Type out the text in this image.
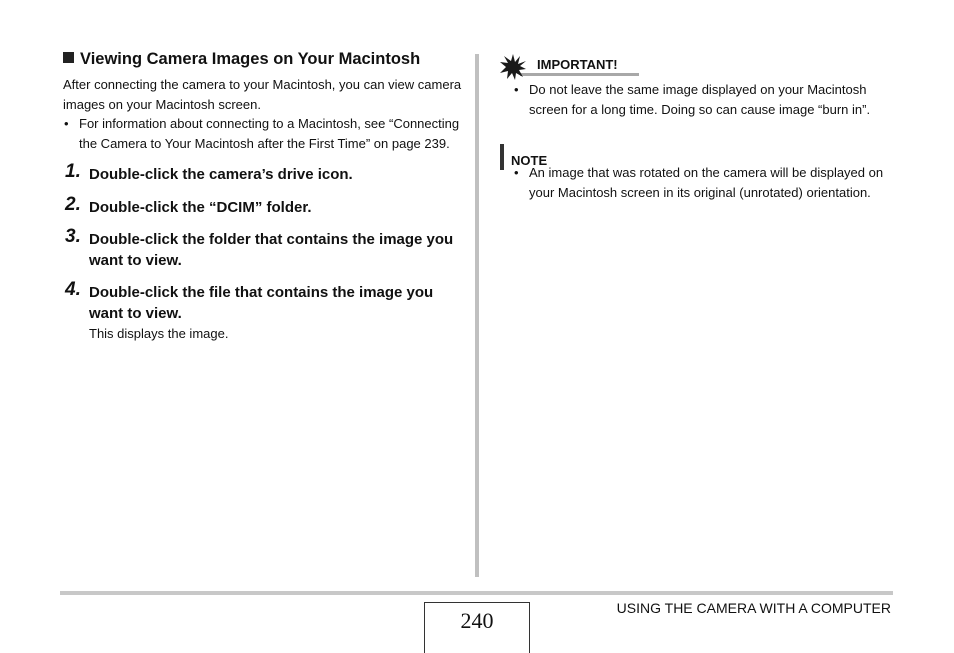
Viewing Camera Images on Your Macintosh

After connecting the camera to your Macintosh, you can view camera images on your Macintosh screen.

• For information about connecting to a Macintosh, see “Connecting the Camera to Your Macintosh after the First Time” on page 239.
1. Double-click the camera’s drive icon.
2. Double-click the “DCIM” folder.
3. Double-click the folder that contains the image you want to view.
4. Double-click the file that contains the image you want to view.
This displays the image.
IMPORTANT!
• Do not leave the same image displayed on your Macintosh screen for a long time. Doing so can cause image “burn in”.
NOTE
• An image that was rotated on the camera will be displayed on your Macintosh screen in its original (unrotated) orientation.
240	USING THE CAMERA WITH A COMPUTER
